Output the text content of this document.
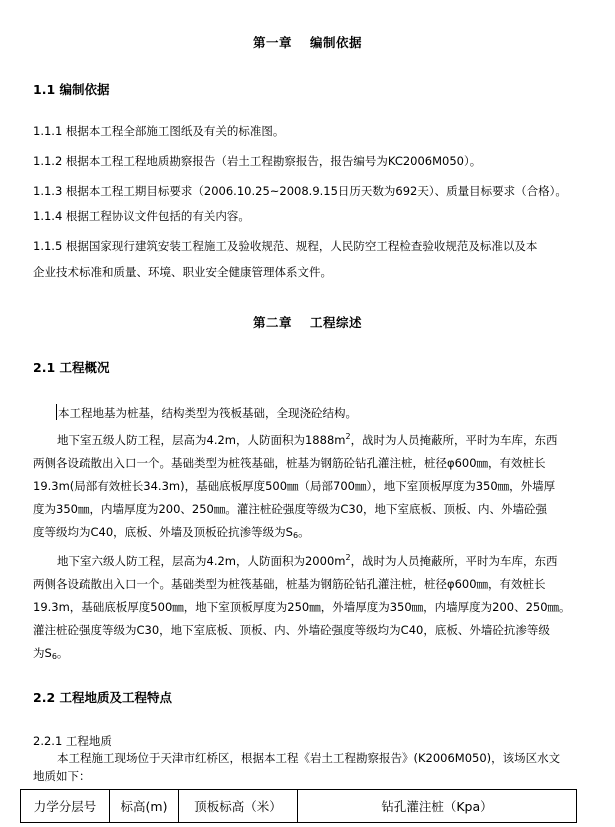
第一章 编制依据
1.1 编制依据
1.1.1 根据本工程全部施工图纸及有关的标准图。
1.1.2 根据本工程工程地质勘察报告（岩土工程勘察报告，报告编号为KC2006M050）。
1.1.3 根据本工程工期目标要求（2006.10.25~2008.9.15日历天数为692天）、质量目标要求（合格）。
1.1.4 根据工程协议文件包括的有关内容。
1.1.5 根据国家现行建筑安装工程施工及验收规范、规程，人民防空工程检查验收规范及标准以及本
企业技术标准和质量、环境、职业安全健康管理体系文件。
第二章 工程综述
2.1 工程概况
本工程地基为桩基，结构类型为筏板基础，全现浇砼结构。

地下室五级人防工程，层高为4.2m，人防面积为$1888m^2$，战时为人员掩蔽所，平时为车库，东西

两侧各设疏散出入口一个。基础类型为桩筏基础，桩基为钢筋砼钻孔灌注桩，桩径φ600㎜，有效桩长

19.3m(局部有效桩长34.3m)，基础底板厚度500㎜（局部700㎜），地下室顶板厚度为350㎜，外墙厚

度为350㎜，内墙厚度为200、250㎜。灌注桩砼强度等级为C30，地下室底板、顶板、内、外墙砼强

度等级均为C40，底板、外墙及顶板砼抗渗等级为$S_6$。

地下室六级人防工程，层高为4.2m，人防面积为$2000m^2$，战时为人员掩蔽所，平时为车库，东西

两侧各设疏散出入口一个。基础类型为桩筏基础，桩基为钢筋砼钻孔灌注桩，桩径φ600㎜，有效桩长

19.3m，基础底板厚度500㎜，地下室顶板厚度为250㎜，外墙厚度为350㎜，内墙厚度为200、250㎜。

灌注桩砼强度等级为C30，地下室底板、顶板、内、外墙砼强度等级均为C40，底板、外墙砼抗渗等级

为$S_6$。

2.2 工程地质及工程特点
2.2.1 工程地质
本工程施工现场位于天津市红桥区，根据本工程《岩土工程勘察报告》(K2006M050)，该场区水文
地质如下：
力学分层号	标高(m)	顶板标高（米）	钻孔灌注桩（Kpa）
